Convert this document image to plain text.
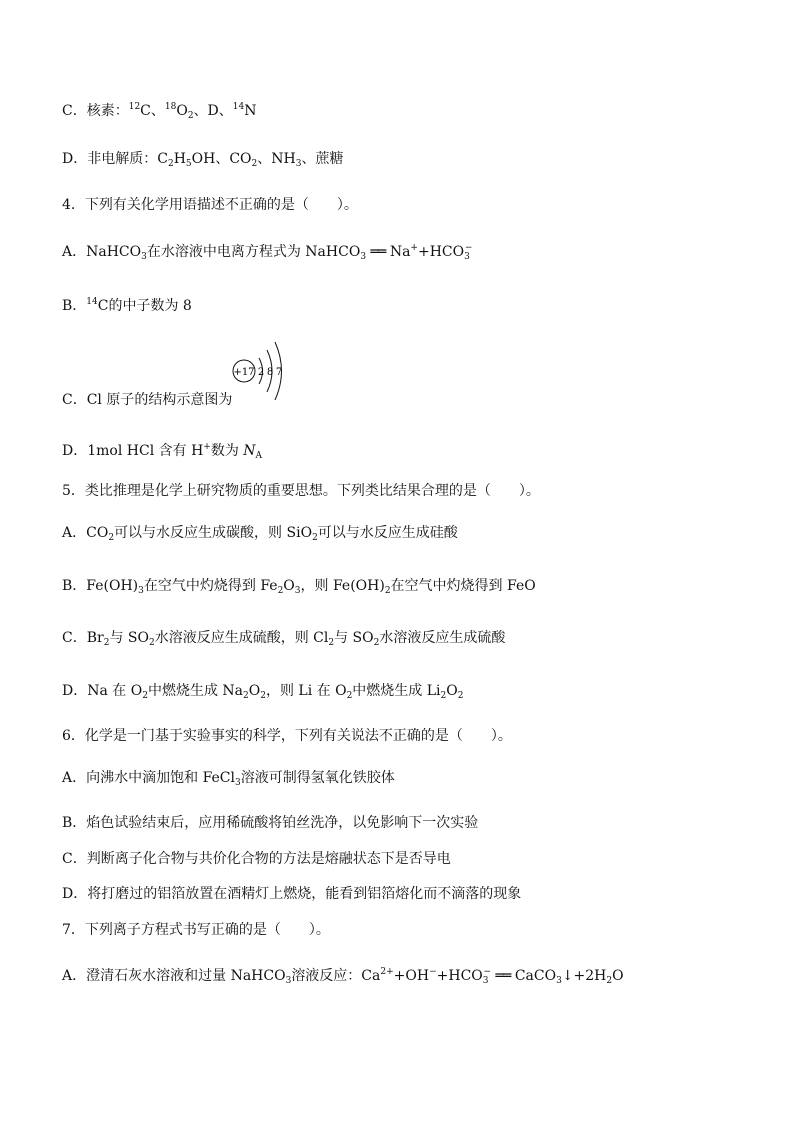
C．核素：$^{12}$C、$^{18}O_2$、D、$^{14}$N
D．非电解质：$C_2H_5OH$、$CO_2$、$NH_3$、蔗糖
4．下列有关化学用语描述不正确的是（　　）。
A．NaHCO$_3$在水溶液中电离方程式为 NaHCO$_3$ ══ $Na^++HCO_3^-$
B．$^{14}$C的中子数为 8
+17 2 8 7
C．Cl 原子的结构示意图为
D．1mol HCl 含有 H+数为 $N_A$
5．类比推理是化学上研究物质的重要思想。下列类比结果合理的是（　　）。
A．$CO_2$可以与水反应生成碳酸，则 SiO$_2$可以与水反应生成硅酸
B．$Fe(OH)_3$在空气中灼烧得到 $Fe_2O_3$，则 $Fe(OH)_2$在空气中灼烧得到 FeO
C．$Br_2$与 $SO_2$水溶液反应生成硫酸，则 $Cl_2$与 $SO_2$水溶液反应生成硫酸
D．Na 在 $O_2$中燃烧生成 $Na_2O_2$，则 Li 在 $O_2$中燃烧生成 $Li_2O_2$
6．化学是一门基于实验事实的科学，下列有关说法不正确的是（　　）。
A．向沸水中滴加饱和 FeCl$_3$溶液可制得氢氧化铁胶体
B．焰色试验结束后，应用稀硫酸将铂丝洗净，以免影响下一次实验
C．判断离子化合物与共价化合物的方法是熔融状态下是否导电
D．将打磨过的铝箔放置在酒精灯上燃烧，能看到铝箔熔化而不滴落的现象
7．下列离子方程式书写正确的是（　　）。
A．澄清石灰水溶液和过量 NaHCO$_3$溶液反应：$Ca^{2+}+OH^-+HCO_3^-$ ══ $CaCO_3↓+2H_2O$
